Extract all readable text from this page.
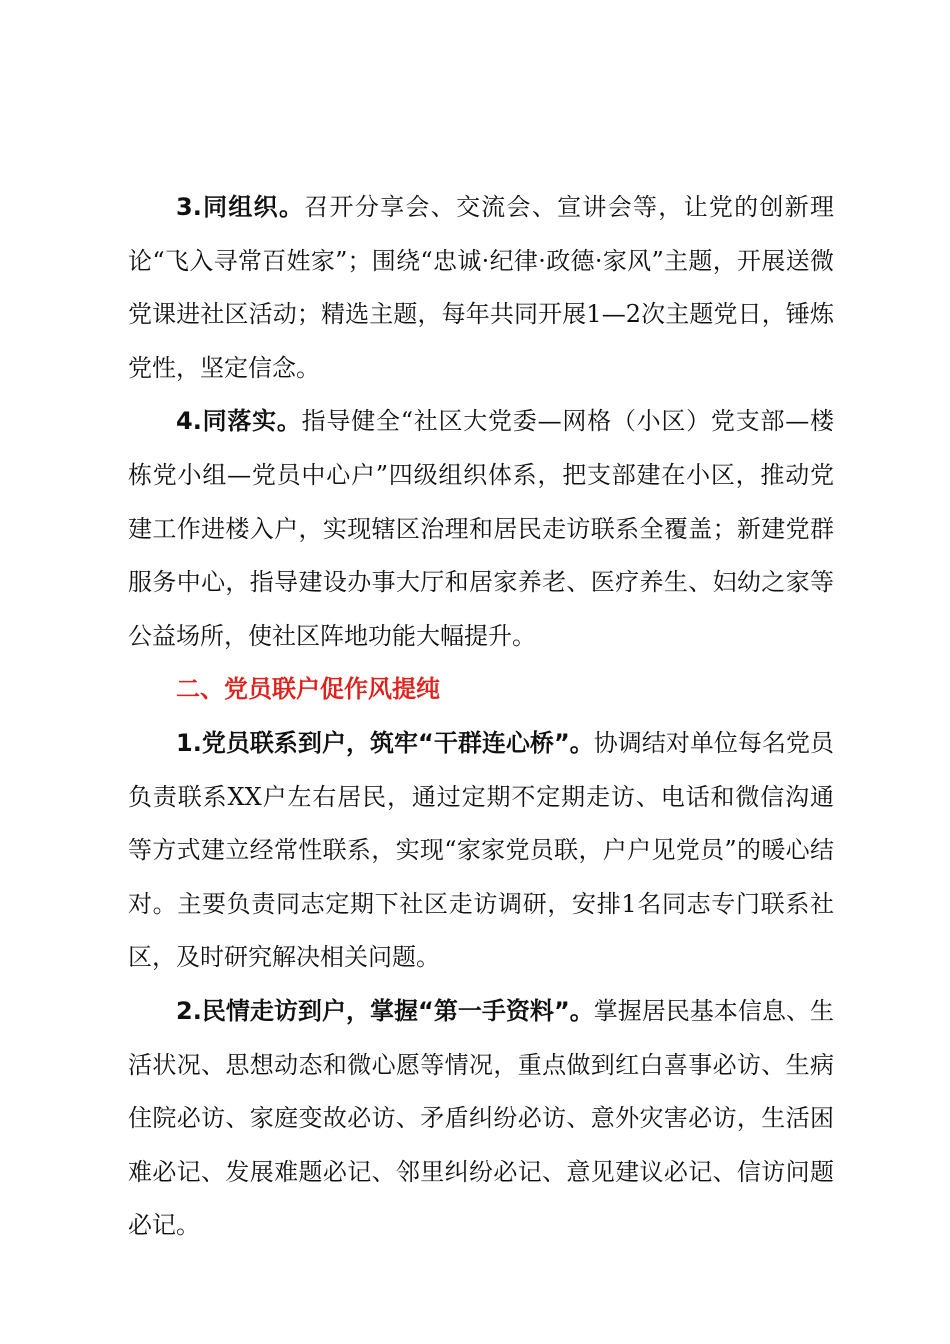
3.同组织。召开分享会、交流会、宣讲会等，让党的创新理论“飞入寻常百姓家”；围绕“忠诚·纪律·政德·家风”主题，开展送微党课进社区活动；精选主题，每年共同开展1—2次主题党日，锤炼党性，坚定信念。

4.同落实。指导健全“社区大党委—网格（小区）党支部—楼栋党小组—党员中心户”四级组织体系，把支部建在小区，推动党建工作进楼入户，实现辖区治理和居民走访联系全覆盖；新建党群服务中心，指导建设办事大厅和居家养老、医疗养生、妇幼之家等公益场所，使社区阵地功能大幅提升。

二、党员联户促作风提纯

1.党员联系到户，筑牢“干群连心桥”。协调结对单位每名党员负责联系XX户左右居民，通过定期不定期走访、电话和微信沟通等方式建立经常性联系，实现“家家党员联，户户见党员”的暖心结对。主要负责同志定期下社区走访调研，安排1名同志专门联系社区，及时研究解决相关问题。

2.民情走访到户，掌握“第一手资料”。掌握居民基本信息、生活状况、思想动态和微心愿等情况，重点做到红白喜事必访、生病住院必访、家庭变故必访、矛盾纠纷必访、意外灾害必访，生活困难必记、发展难题必记、邻里纠纷必记、意见建议必记、信访问题必记。
